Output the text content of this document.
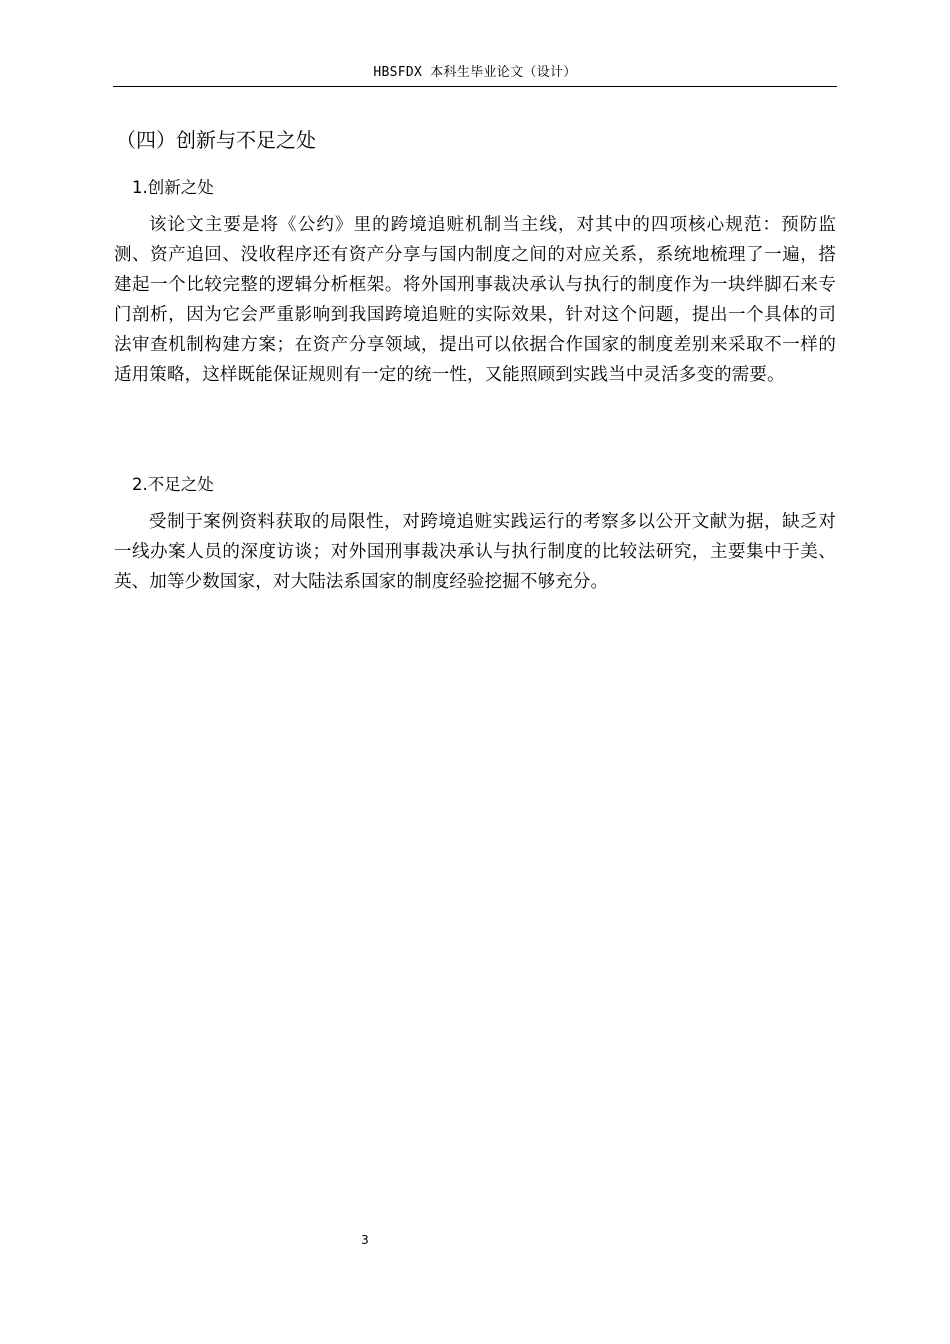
HBSFDX 本科生毕业论文（设计）
（四）创新与不足之处
1.创新之处

该论文主要是将《公约》里的跨境追赃机制当主线，对其中的四项核心规范：预防监测、资产追回、没收程序还有资产分享与国内制度之间的对应关系，系统地梳理了一遍，搭建起一个比较完整的逻辑分析框架。将外国刑事裁决承认与执行的制度作为一块绊脚石来专门剖析，因为它会严重影响到我国跨境追赃的实际效果，针对这个问题，提出一个具体的司法审查机制构建方案；在资产分享领域，提出可以依据合作国家的制度差别来采取不一样的适用策略，这样既能保证规则有一定的统一性，又能照顾到实践当中灵活多变的需要。

2.不足之处

受制于案例资料获取的局限性，对跨境追赃实践运行的考察多以公开文献为据，缺乏对一线办案人员的深度访谈；对外国刑事裁决承认与执行制度的比较法研究，主要集中于美、英、加等少数国家，对大陆法系国家的制度经验挖掘不够充分。

3
